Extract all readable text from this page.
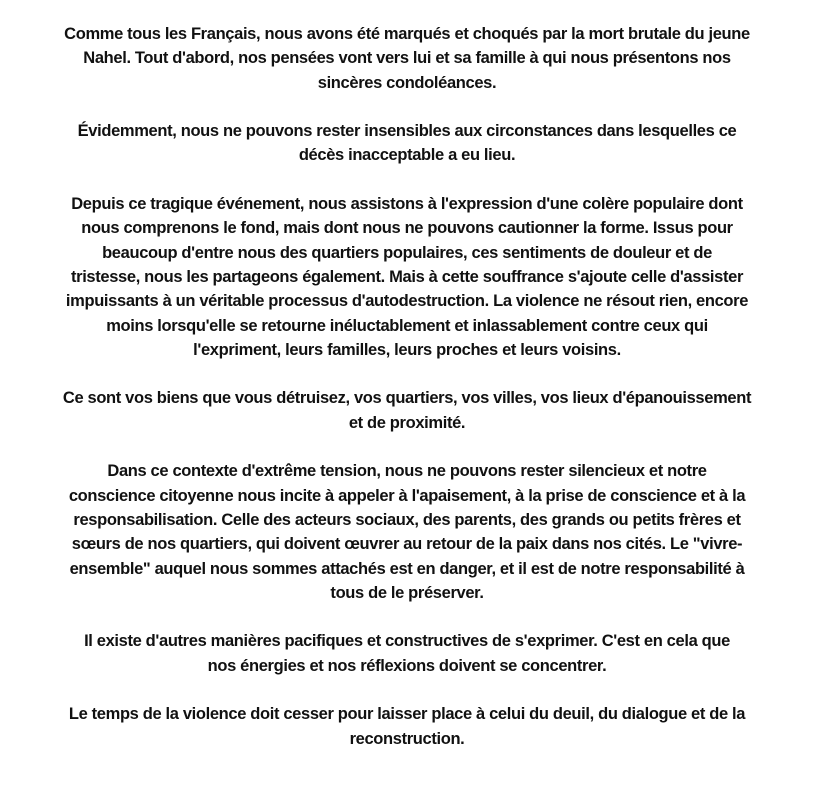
Comme tous les Français, nous avons été marqués et choqués par la mort brutale du jeune
Nahel. Tout d'abord, nos pensées vont vers lui et sa famille à qui nous présentons nos
sincères condoléances.

Évidemment, nous ne pouvons rester insensibles aux circonstances dans lesquelles ce
décès inacceptable a eu lieu.

Depuis ce tragique événement, nous assistons à l'expression d'une colère populaire dont
nous comprenons le fond, mais dont nous ne pouvons cautionner la forme. Issus pour
beaucoup d'entre nous des quartiers populaires, ces sentiments de douleur et de
tristesse, nous les partageons également. Mais à cette souffrance s'ajoute celle d'assister
impuissants à un véritable processus d'autodestruction. La violence ne résout rien, encore
moins lorsqu'elle se retourne inéluctablement et inlassablement contre ceux qui
l'expriment, leurs familles, leurs proches et leurs voisins.

Ce sont vos biens que vous détruisez, vos quartiers, vos villes, vos lieux d'épanouissement
et de proximité.

Dans ce contexte d'extrême tension, nous ne pouvons rester silencieux et notre
conscience citoyenne nous incite à appeler à l'apaisement, à la prise de conscience et à la
responsabilisation. Celle des acteurs sociaux, des parents, des grands ou petits frères et
sœurs de nos quartiers, qui doivent œuvrer au retour de la paix dans nos cités. Le "vivre-
ensemble" auquel nous sommes attachés est en danger, et il est de notre responsabilité à
tous de le préserver.

Il existe d'autres manières pacifiques et constructives de s'exprimer. C'est en cela que
nos énergies et nos réflexions doivent se concentrer.

Le temps de la violence doit cesser pour laisser place à celui du deuil, du dialogue et de la
reconstruction.
